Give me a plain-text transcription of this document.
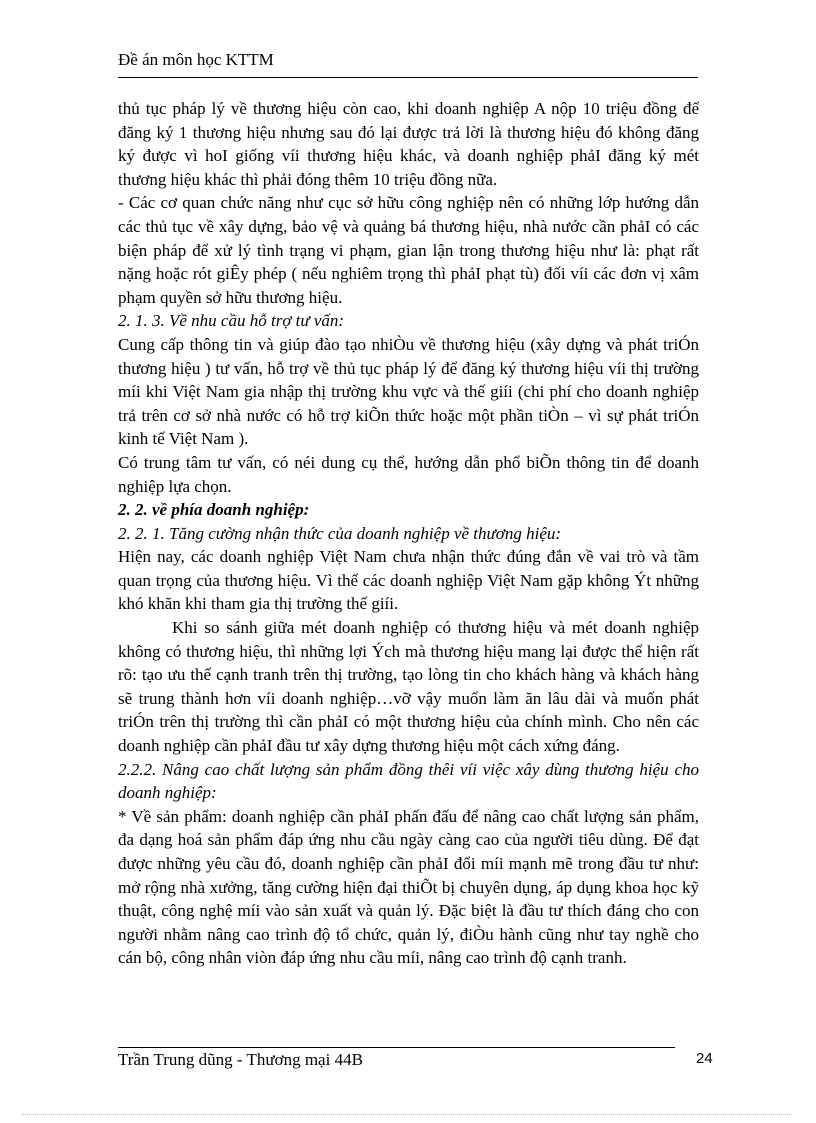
Đề án môn học KTTM

thủ tục pháp lý về thương hiệu còn cao, khi doanh nghiệp A nộp 10 triệu đồng để đăng ký 1 thương hiệu nhưng sau đó lại được trả lời là thương hiệu đó không đăng ký được vì hoI giống víi thương hiệu khác, và doanh nghiệp phảI đăng ký mét thương hiệu khác thì phải đóng thêm 10 triệu đồng nữa.

- Các cơ quan chức năng như cục sở hữu công nghiệp nên có những lớp hướng dẫn các thủ tục về xây dựng, bảo vệ và quảng bá thương hiệu, nhà nước cần phảI có các biện pháp để xử lý tình trạng vi phạm, gian lận trong thương hiệu như là: phạt rất nặng hoặc rót giÊy phép ( nếu nghiêm trọng thì phảI phạt tù) đối víi các đơn vị xâm phạm quyền sở hữu thương hiệu.

2. 1. 3. Về nhu cầu hỗ trợ tư vấn:

Cung cấp thông tin và giúp đào tạo nhiÒu về thương hiệu (xây dựng và phát triÓn thương hiệu ) tư vấn, hỗ trợ về thủ tục pháp lý để đăng ký thương hiệu víi thị trường míi khi Việt Nam gia nhập thị trường khu vực và thế giíi (chi phí cho doanh nghiệp trả trên cơ sở nhà nước có hỗ trợ kiÕn thức hoặc một phần tiÒn – vì sự phát triÓn kinh tế Việt Nam ).

Có trung tâm tư vấn, có néi dung cụ thể, hướng dẫn phổ biÕn thông tin để doanh nghiệp lựa chọn.

2. 2. về phía doanh nghiệp:

2. 2. 1. Tăng cường nhận thức của doanh nghiệp về thương hiệu:

Hiện nay, các doanh nghiệp Việt Nam chưa nhận thức đúng đắn về vai trò và tầm quan trọng của thương hiệu. Vì thế các doanh nghiệp Việt Nam gặp không Ýt những khó khăn khi tham gia thị trường thế giíi.

Khi so sánh giữa mét doanh nghiệp có thương hiệu và mét doanh nghiệp không có thương hiệu, thì những lợi Ých mà thương hiệu mang lại được thể hiện rất rõ: tạo ưu thế cạnh tranh trên thị trường, tạo lòng tin cho khách hàng và khách hàng sẽ trung thành hơn víi doanh nghiệp…vỡ vậy muốn làm ăn lâu dài và muốn phát triÓn trên thị trường thì cần phảI có một thương hiệu của chính mình. Cho nên các doanh nghiệp cần phảI đầu tư xây dựng thương hiệu một cách xứng đáng.

2.2.2. Nâng cao chất lượng sản phẩm đồng thêi víi việc xây dùng thương hiệu cho doanh nghiệp:

* Về sản phẩm: doanh nghiệp cần phảI phấn đấu để nâng cao chất lượng sản phẩm, đa dạng hoá sản phẩm đáp ứng nhu cầu ngày càng cao của người tiêu dùng. Để đạt được những yêu cầu đó, doanh nghiệp cần phảI đổi míi mạnh mẽ trong đầu tư như: mở rộng nhà xưởng, tăng cường hiện đại thiÕt bị chuyên dụng, áp dụng khoa học kỹ thuật, công nghệ míi vào sản xuất và quản lý. Đặc biệt là đầu tư thích đáng cho con người nhằm nâng cao trình độ tổ chức, quản lý, điÒu hành cũng như tay nghề cho cán bộ, công nhân viòn đáp ứng nhu cầu míi, nâng cao trình độ cạnh tranh.

Trần Trung dũng - Thương mại 44B	24
